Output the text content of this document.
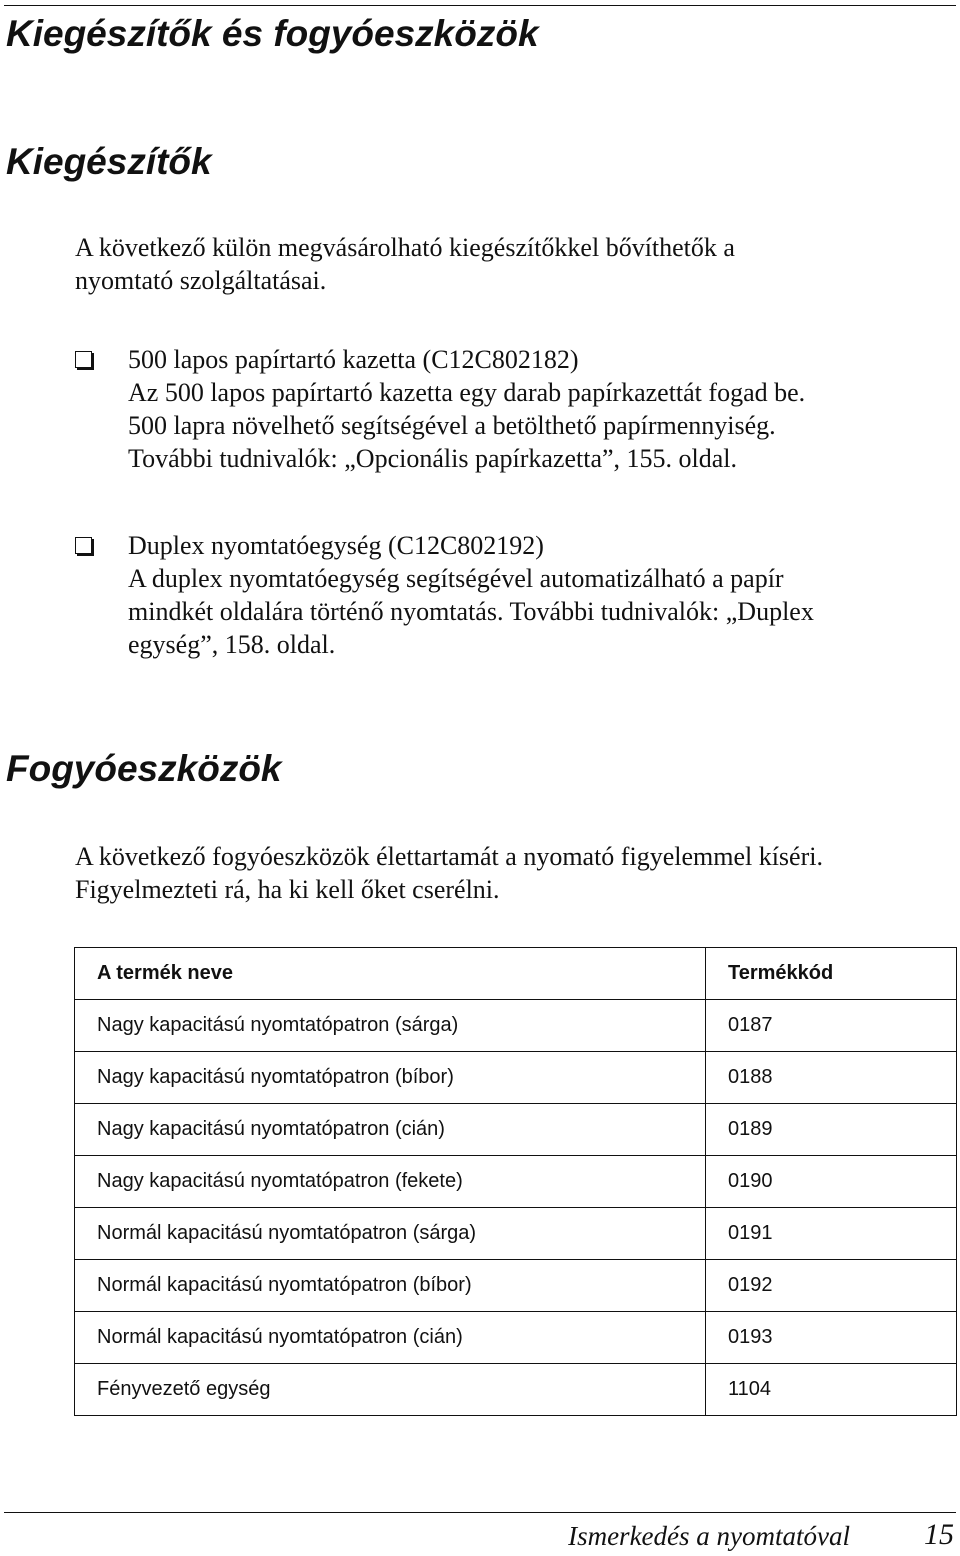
Kiegészítők és fogyóeszközök
Kiegészítők

A következő külön megvásárolható kiegészítőkkel bővíthetők a
nyomtató szolgáltatásai.

500 lapos papírtartó kazetta (C12C802182)
Az 500 lapos papírtartó kazetta egy darab papírkazettát fogad be.
500 lapra növelhető segítségével a betölthető papírmennyiség.
További tudnivalók: „Opcionális papírkazetta”, 155. oldal.
Duplex nyomtatóegység (C12C802192)
A duplex nyomtatóegység segítségével automatizálható a papír
mindkét oldalára történő nyomtatás. További tudnivalók: „Duplex
egység”, 158. oldal.
Fogyóeszközök

A következő fogyóeszközök élettartamát a nyomató figyelemmel kíséri.
Figyelmezteti rá, ha ki kell őket cserélni.

A termék neve	Termékkód
Nagy kapacitású nyomtatópatron (sárga)	0187
Nagy kapacitású nyomtatópatron (bíbor)	0188
Nagy kapacitású nyomtatópatron (cián)	0189
Nagy kapacitású nyomtatópatron (fekete)	0190
Normál kapacitású nyomtatópatron (sárga)	0191
Normál kapacitású nyomtatópatron (bíbor)	0192
Normál kapacitású nyomtatópatron (cián)	0193
Fényvezető egység	1104
Ismerkedés a nyomtatóval 15
